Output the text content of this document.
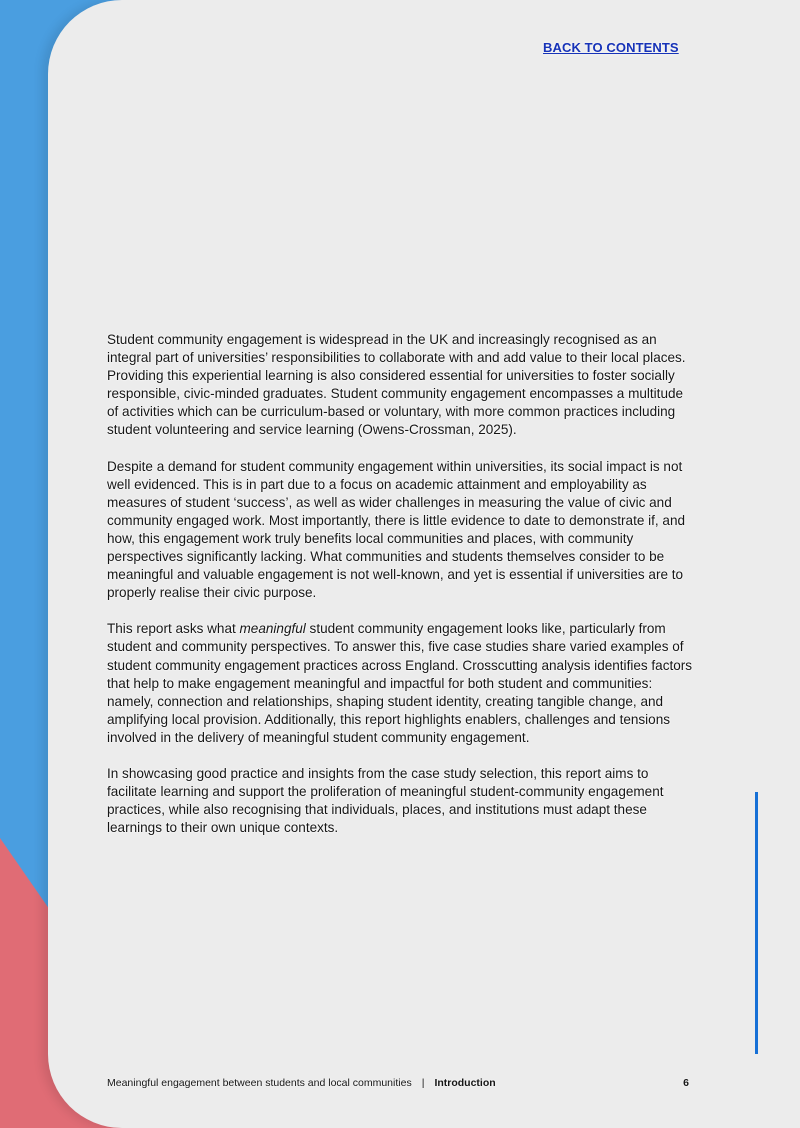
BACK TO CONTENTS

Student community engagement is widespread in the UK and increasingly recognised as an integral part of universities’ responsibilities to collaborate with and add value to their local places. Providing this experiential learning is also considered essential for universities to foster socially responsible, civic-minded graduates. Student community engagement encompasses a multitude of activities which can be curriculum-based or voluntary, with more common practices including student volunteering and service learning (Owens-Crossman, 2025).

Despite a demand for student community engagement within universities, its social impact is not well evidenced. This is in part due to a focus on academic attainment and employability as measures of student ‘success’, as well as wider challenges in measuring the value of civic and community engaged work. Most importantly, there is little evidence to date to demonstrate if, and how, this engagement work truly benefits local communities and places, with community perspectives significantly lacking. What communities and students themselves consider to be meaningful and valuable engagement is not well-known, and yet is essential if universities are to properly realise their civic purpose.

This report asks what meaningful student community engagement looks like, particularly from student and community perspectives. To answer this, five case studies share varied examples of student community engagement practices across England. Crosscutting analysis identifies factors that help to make engagement meaningful and impactful for both student and communities: namely, connection and relationships, shaping student identity, creating tangible change, and amplifying local provision. Additionally, this report highlights enablers, challenges and tensions involved in the delivery of meaningful student community engagement.

In showcasing good practice and insights from the case study selection, this report aims to facilitate learning and support the proliferation of meaningful student-community engagement practices, while also recognising that individuals, places, and institutions must adapt these learnings to their own unique contexts.

Meaningful engagement between students and local communities | Introduction	6
